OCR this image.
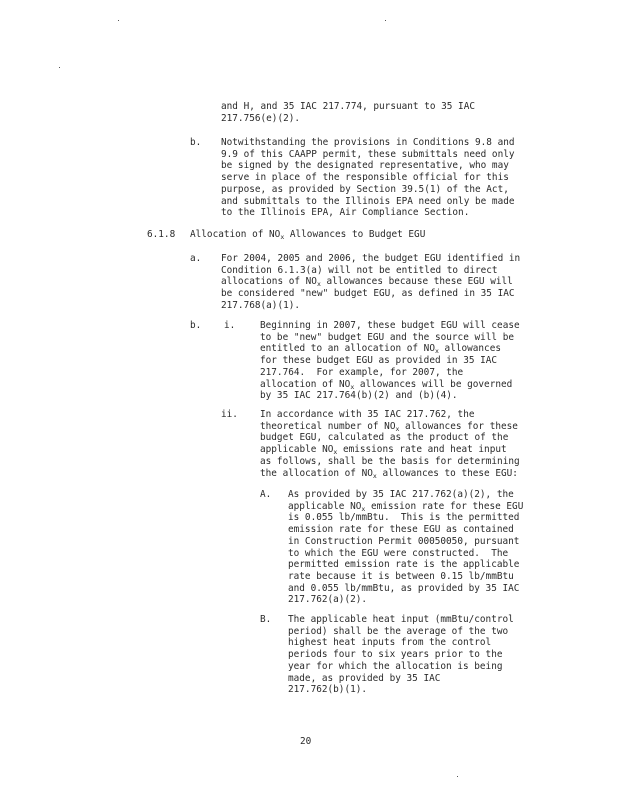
and H, and 35 IAC 217.774, pursuant to 35 IAC
217.756(e)(2).
b. Notwithstanding the provisions in Conditions 9.8 and
9.9 of this CAAPP permit, these submittals need only
be signed by the designated representative, who may
serve in place of the responsible official for this
purpose, as provided by Section 39.5(1) of the Act,
and submittals to the Illinois EPA need only be made
to the Illinois EPA, Air Compliance Section.
6.1.8 Allocation of $NO_x$ Allowances to Budget EGU
a. For 2004, 2005 and 2006, the budget EGU identified in
Condition 6.1.3(a) will not be entitled to direct
allocations of $NO_x$ allowances because these EGU will
be considered "new" budget EGU, as defined in 35 IAC
217.768(a)(1).
b. i.	Beginning in 2007, these budget EGU will cease
to be "new" budget EGU and the source will be
entitled to an allocation of $NO_x$ allowances
for these budget EGU as provided in 35 IAC
217.764.  For example, for 2007, the
allocation of $NO_x$ allowances will be governed
by 35 IAC 217.764(b)(2) and (b)(4).
ii. In accordance with 35 IAC 217.762, the
theoretical number of $NO_x$ allowances for these
budget EGU, calculated as the product of the
applicable $NO_x$ emissions rate and heat input
as follows, shall be the basis for determining
the allocation of $NO_x$ allowances to these EGU:
A. As provided by 35 IAC 217.762(a)(2), the
applicable $NO_x$ emission rate for these EGU
is 0.055 lb/mmBtu.  This is the permitted
emission rate for these EGU as contained
in Construction Permit 00050050, pursuant
to which the EGU were constructed.  The
permitted emission rate is the applicable
rate because it is between 0.15 lb/mmBtu
and 0.055 lb/mmBtu, as provided by 35 IAC
217.762(a)(2).
B. The applicable heat input (mmBtu/control
period) shall be the average of the two
highest heat inputs from the control
periods four to six years prior to the
year for which the allocation is being
made, as provided by 35 IAC
217.762(b)(1).
20
